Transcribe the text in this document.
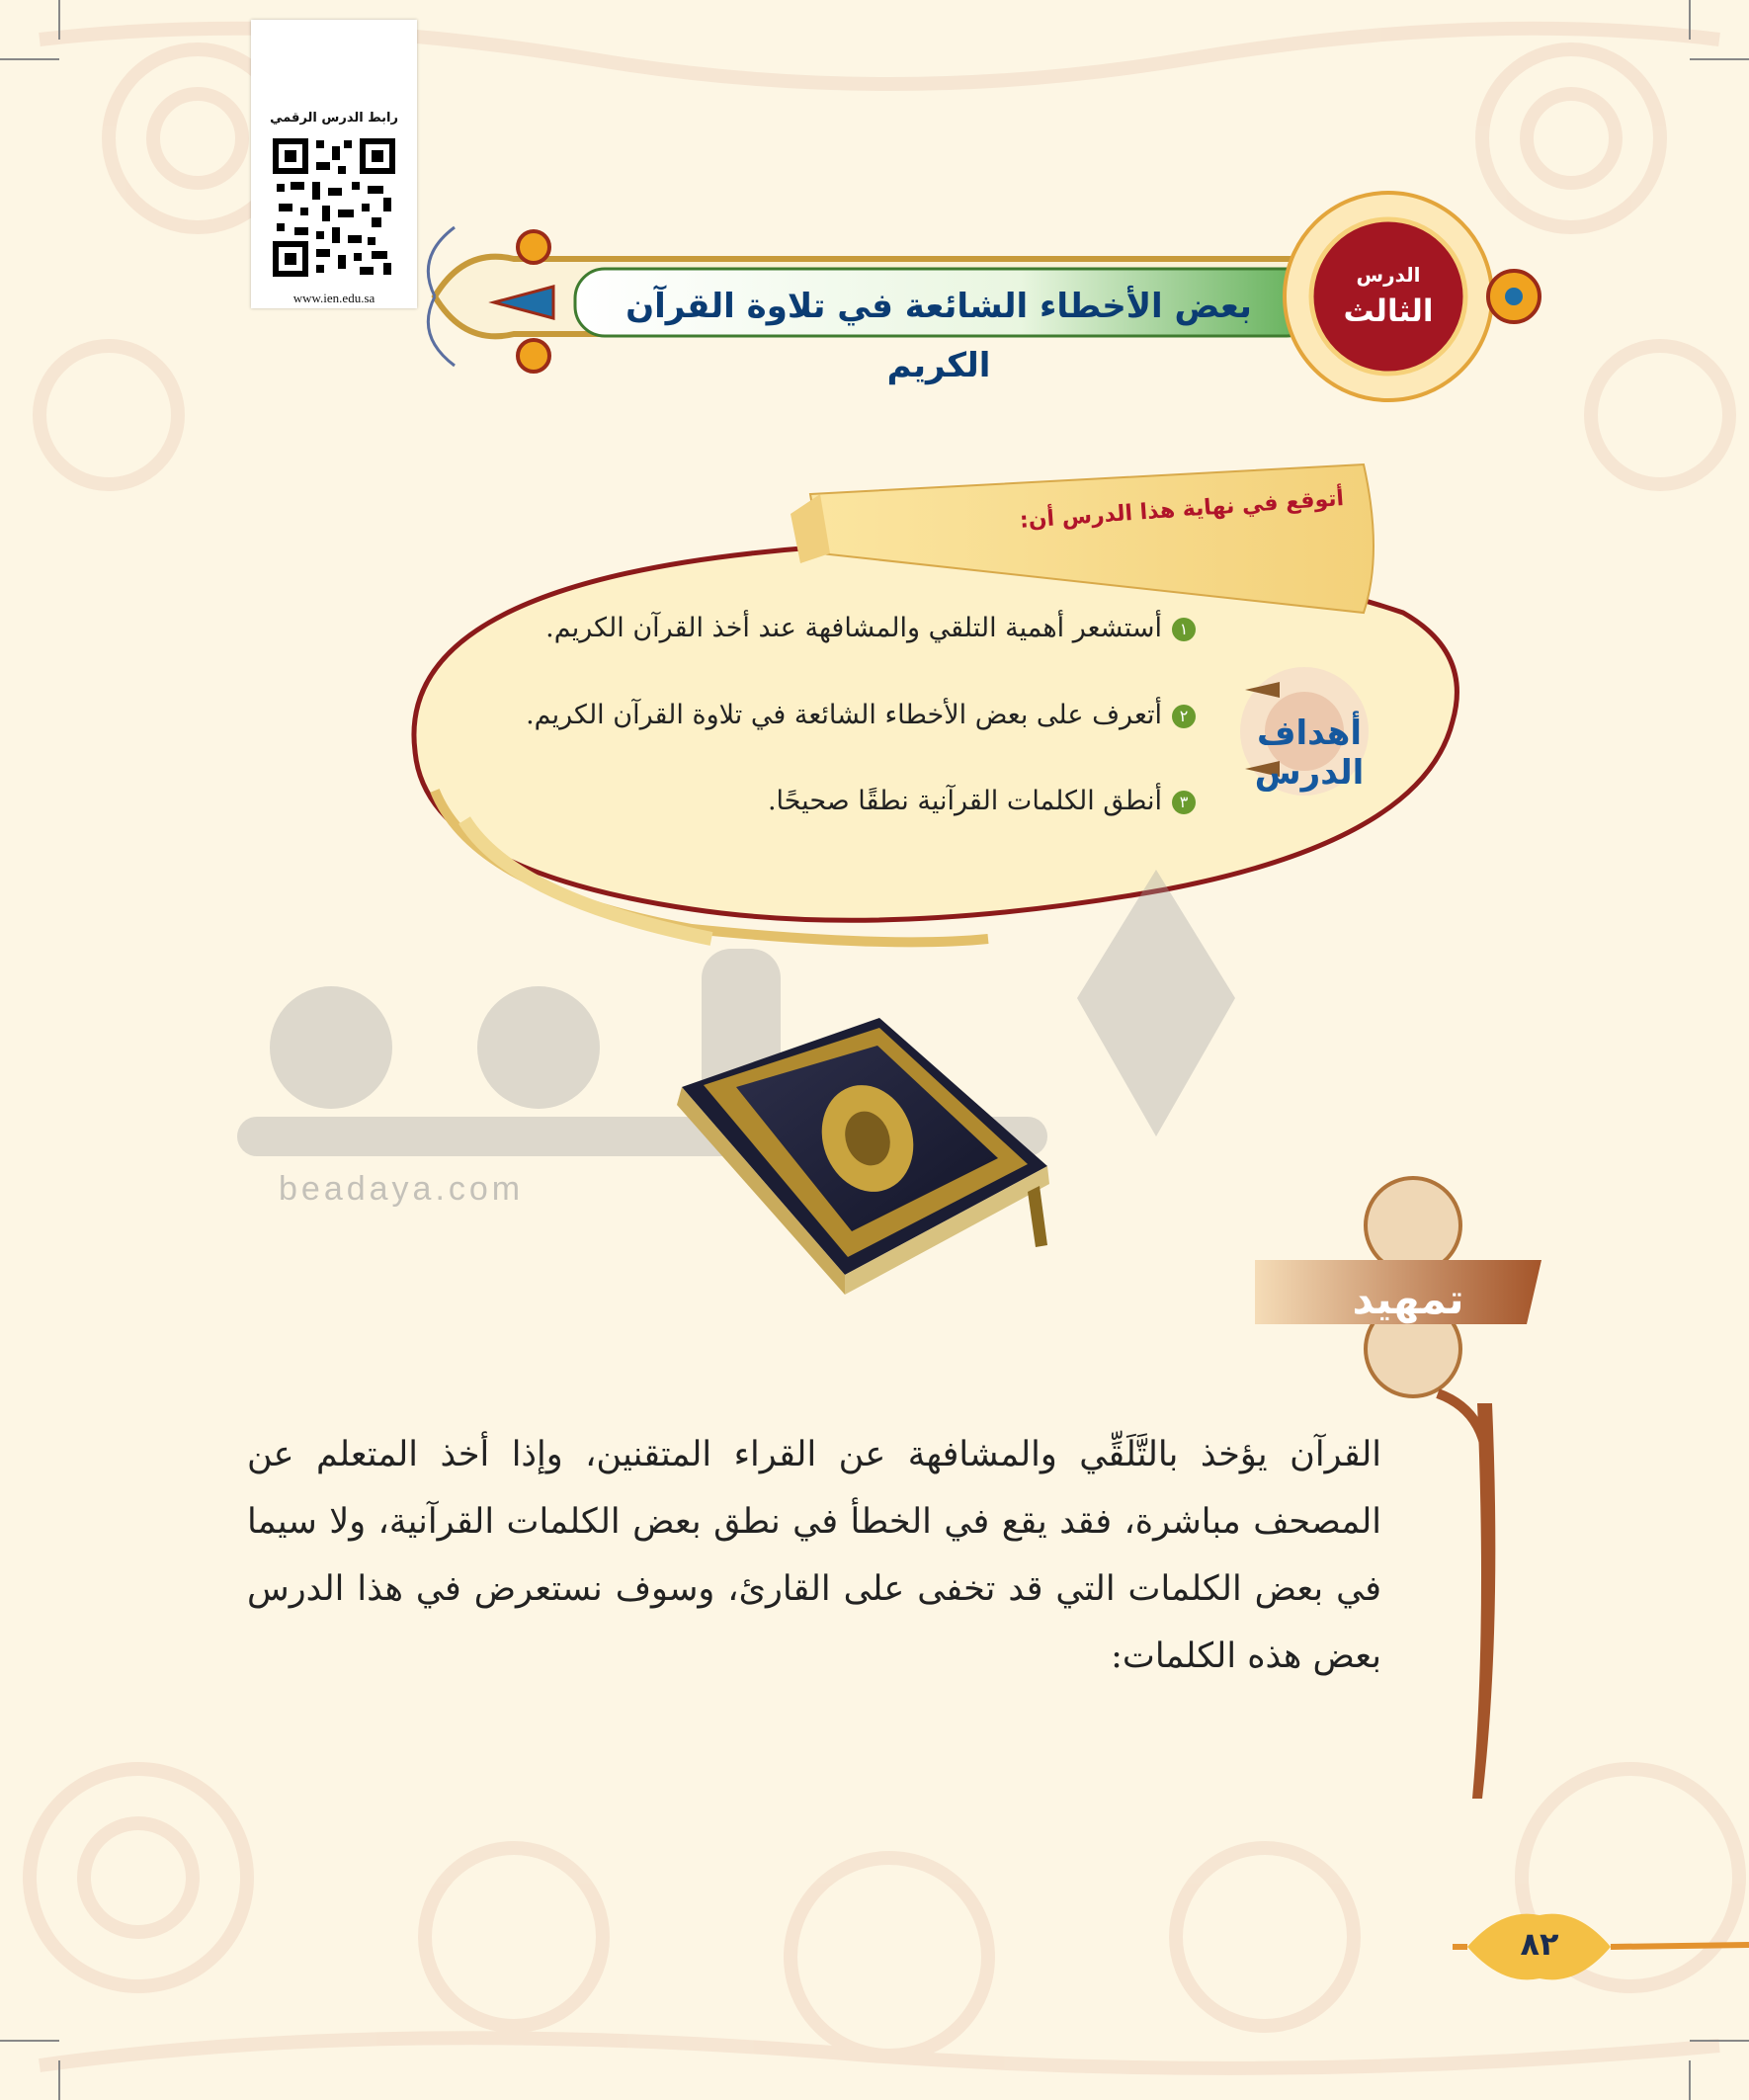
رابط الدرس الرقمي
www.ien.edu.sa
الدرس
الثالث
بعض الأخطاء الشائعة في تلاوة القرآن الكريم
أتوقع في نهاية هذا الدرس أن:
أهداف الدرس
١أستشعر أهمية التلقي والمشافهة عند أخذ القرآن الكريم.
٢أتعرف على بعض الأخطاء الشائعة في تلاوة القرآن الكريم.
٣أنطق الكلمات القرآنية نطقًا صحيحًا.
beadaya.com
تمهيد
القرآن يؤخذ بالتَّلَقِّي والمشافهة عن القراء المتقنين، وإذا أخذ المتعلم عن المصحف مباشرة، فقد يقع في الخطأ في نطق بعض الكلمات القرآنية، ولا سيما في بعض الكلمات التي قد تخفى على القارئ، وسوف نستعرض في هذا الدرس بعض هذه الكلمات:
٨٢
